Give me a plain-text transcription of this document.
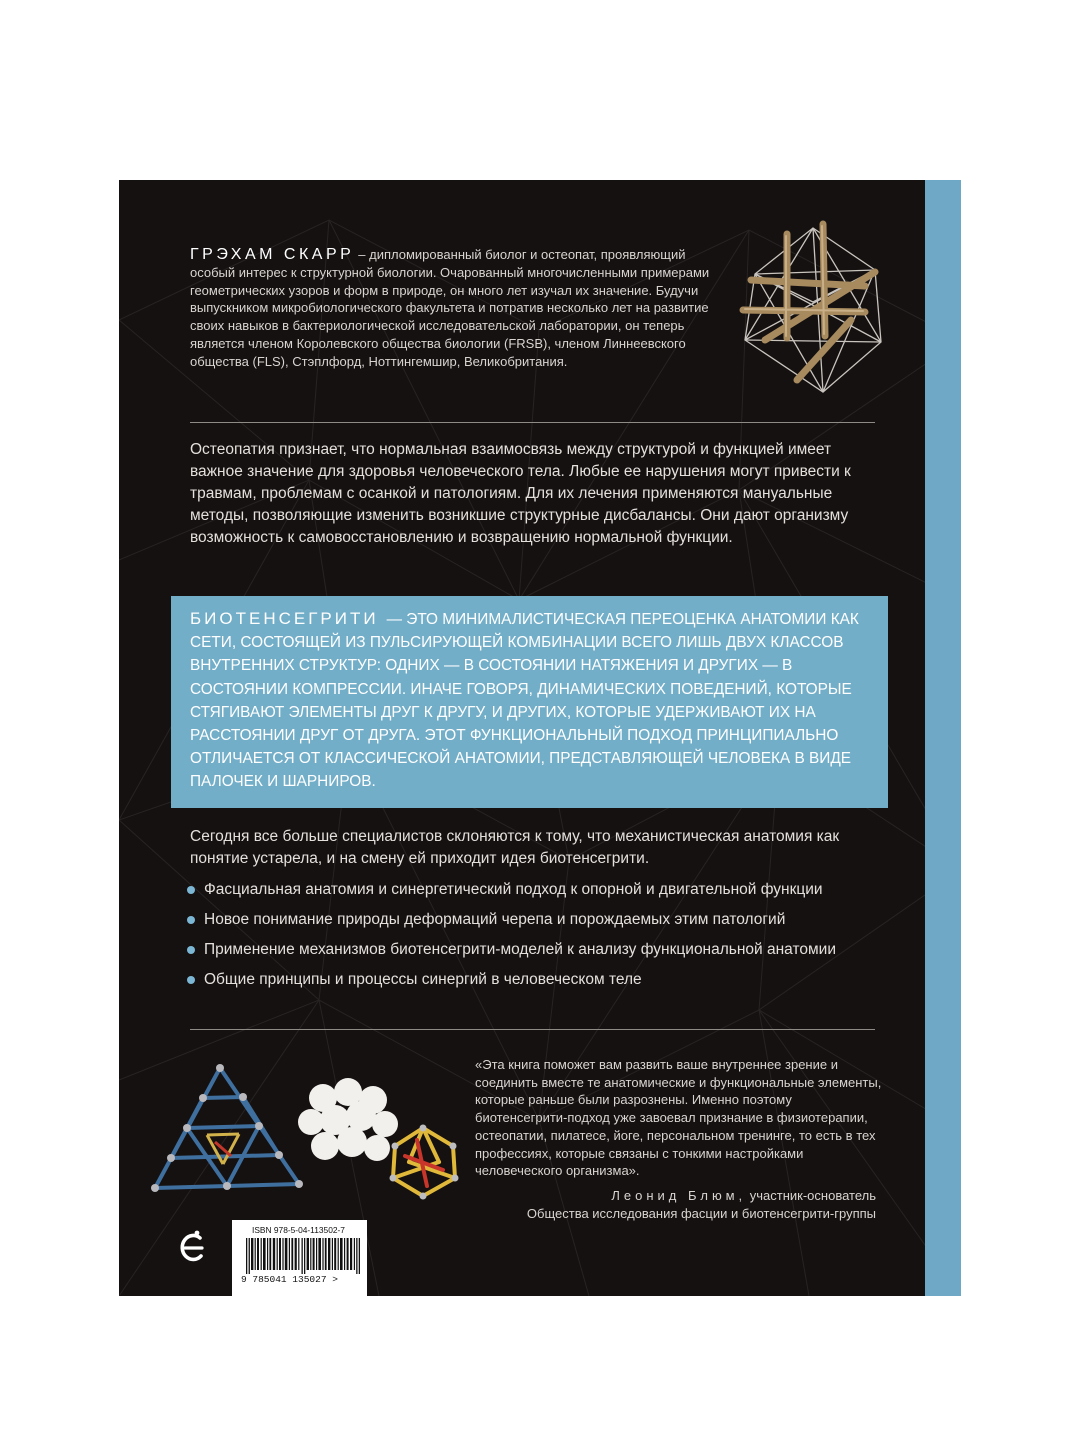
ГРЭХАМ СКАРР – дипломированный биолог и остеопат, проявляющий особый интерес к структурной биологии. Очарованный многочисленными примерами геометрических узоров и форм в природе, он много лет изучал их значение. Будучи выпускником микробиологического факультета и потратив несколько лет на развитие своих навыков в бактериологической исследовательской лаборатории, он теперь является членом Королевского общества биологии (FRSB), членом Линнеевского общества (FLS), Стэплфорд, Ноттингемшир, Великобритания.

Остеопатия признает, что нормальная взаимосвязь между структурой и функцией имеет важное значение для здоровья человеческого тела. Любые ее нарушения могут привести к травмам, проблемам с осанкой и патологиям. Для их лечения применяются мануальные методы, позволяющие изменить возникшие структурные дисбалансы. Они дают организму возможность к самовосстановлению и возвращению нормальной функции.

БИОТЕНСЕГРИТИ — ЭТО МИНИМАЛИСТИЧЕСКАЯ ПЕРЕОЦЕНКА АНАТОМИИ КАК СЕТИ, СОСТОЯЩЕЙ ИЗ ПУЛЬСИРУЮЩЕЙ КОМБИНАЦИИ ВСЕГО ЛИШЬ ДВУХ КЛАССОВ ВНУТРЕННИХ СТРУКТУР: ОДНИХ — В СОСТОЯНИИ НАТЯЖЕНИЯ И ДРУГИХ — В СОСТОЯНИИ КОМПРЕССИИ. ИНАЧЕ ГОВОРЯ, ДИНАМИЧЕСКИХ ПОВЕДЕНИЙ, КОТОРЫЕ СТЯГИВАЮТ ЭЛЕМЕНТЫ ДРУГ К ДРУГУ, И ДРУГИХ, КОТОРЫЕ УДЕРЖИВАЮТ ИХ НА РАССТОЯНИИ ДРУГ ОТ ДРУГА. ЭТОТ ФУНКЦИОНАЛЬНЫЙ ПОДХОД ПРИНЦИПИАЛЬНО ОТЛИЧАЕТСЯ ОТ КЛАССИЧЕСКОЙ АНАТОМИИ, ПРЕДСТАВЛЯЮЩЕЙ ЧЕЛОВЕКА В ВИДЕ ПАЛОЧЕК И ШАРНИРОВ.

Сегодня все больше специалистов склоняются к тому, что механистическая анатомия как понятие устарела, и на смену ей приходит идея биотенсегрити.

Фасциальная анатомия и синергетический подход к опорной и двигательной функции
Новое понимание природы деформаций черепа и порождаемых этим патологий
Применение механизмов биотенсегрити-моделей к анализу функциональной анатомии
Общие принципы и процессы синергий в человеческом теле

«Эта книга поможет вам развить ваше внутреннее зрение и соединить вместе те анатомические и функциональные элементы, которые раньше были разрознены. Именно поэтому биотенсегрити-подход уже завоевал признание в физиотерапии, остеопатии, пилатесе, йоге, персональном тренинге, то есть в тех профессиях, которые связаны с тонкими настройками человеческого организма».

Леонид Блюм, участник-основатель
Общества исследования фасции и биотенсегрити-группы
ISBN 978-5-04-113502-7
9 785041 135027 >
